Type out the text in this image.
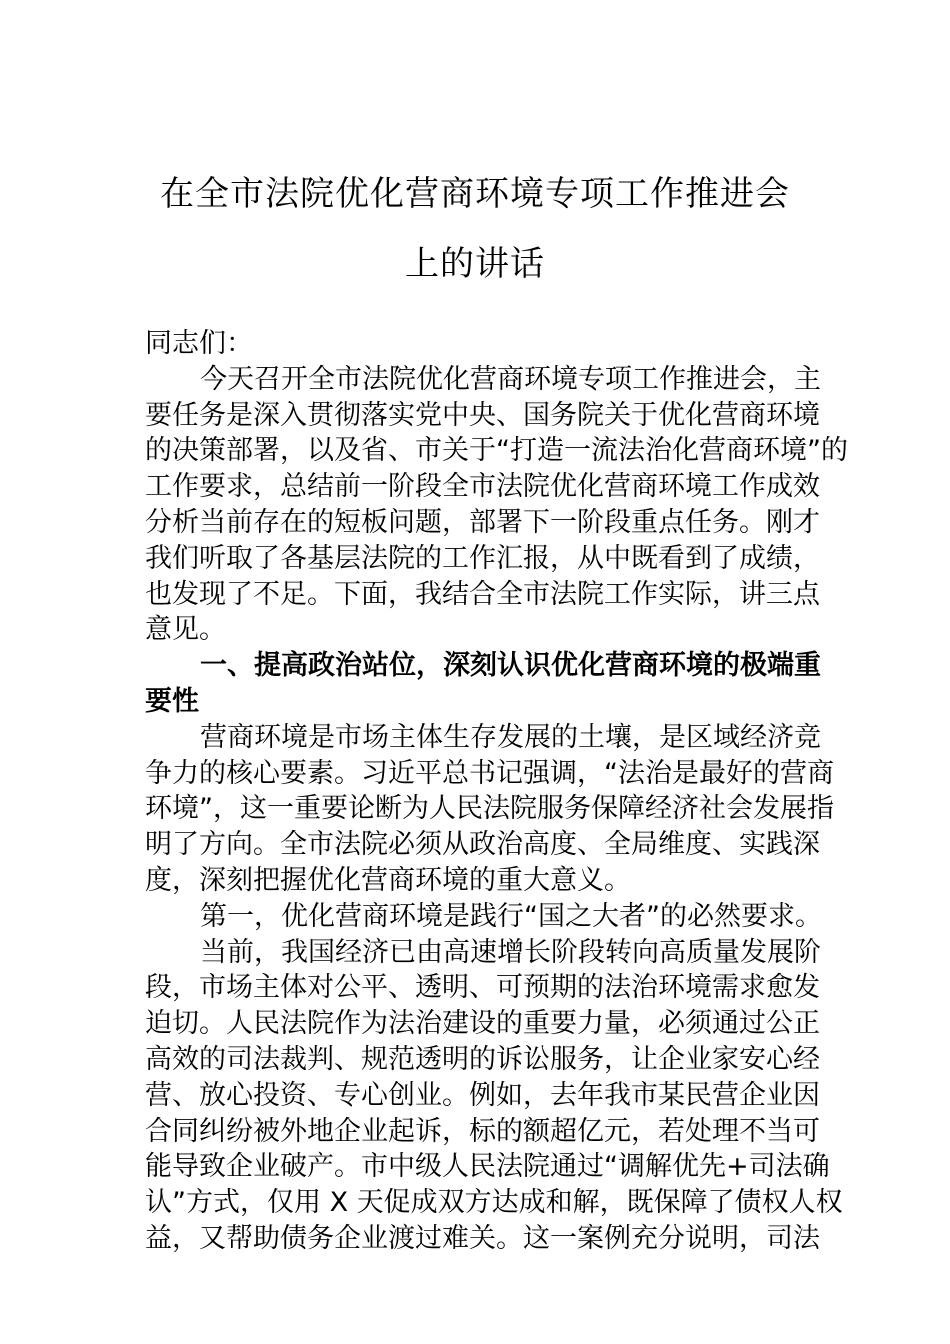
在全市法院优化营商环境专项工作推进会
上的讲话
同志们：
今天召开全市法院优化营商环境专项工作推进会，主
要任务是深入贯彻落实党中央、国务院关于优化营商环境
的决策部署，以及省、市关于“打造一流法治化营商环境”的
工作要求，总结前一阶段全市法院优化营商环境工作成效
分析当前存在的短板问题，部署下一阶段重点任务。刚才
我们听取了各基层法院的工作汇报，从中既看到了成绩，
也发现了不足。下面，我结合全市法院工作实际，讲三点
意见。
一、提高政治站位，深刻认识优化营商环境的极端重
要性
营商环境是市场主体生存发展的土壤，是区域经济竞
争力的核心要素。习近平总书记强调，“法治是最好的营商
环境”，这一重要论断为人民法院服务保障经济社会发展指
明了方向。全市法院必须从政治高度、全局维度、实践深
度，深刻把握优化营商环境的重大意义。
第一，优化营商环境是践行“国之大者”的必然要求。
当前，我国经济已由高速增长阶段转向高质量发展阶
段，市场主体对公平、透明、可预期的法治环境需求愈发
迫切。人民法院作为法治建设的重要力量，必须通过公正
高效的司法裁判、规范透明的诉讼服务，让企业家安心经
营、放心投资、专心创业。例如，去年我市某民营企业因
合同纠纷被外地企业起诉，标的额超亿元，若处理不当可
能导致企业破产。市中级人民法院通过“调解优先+司法确
认”方式，仅用 X 天促成双方达成和解，既保障了债权人权
益，又帮助债务企业渡过难关。这一案例充分说明，司法
